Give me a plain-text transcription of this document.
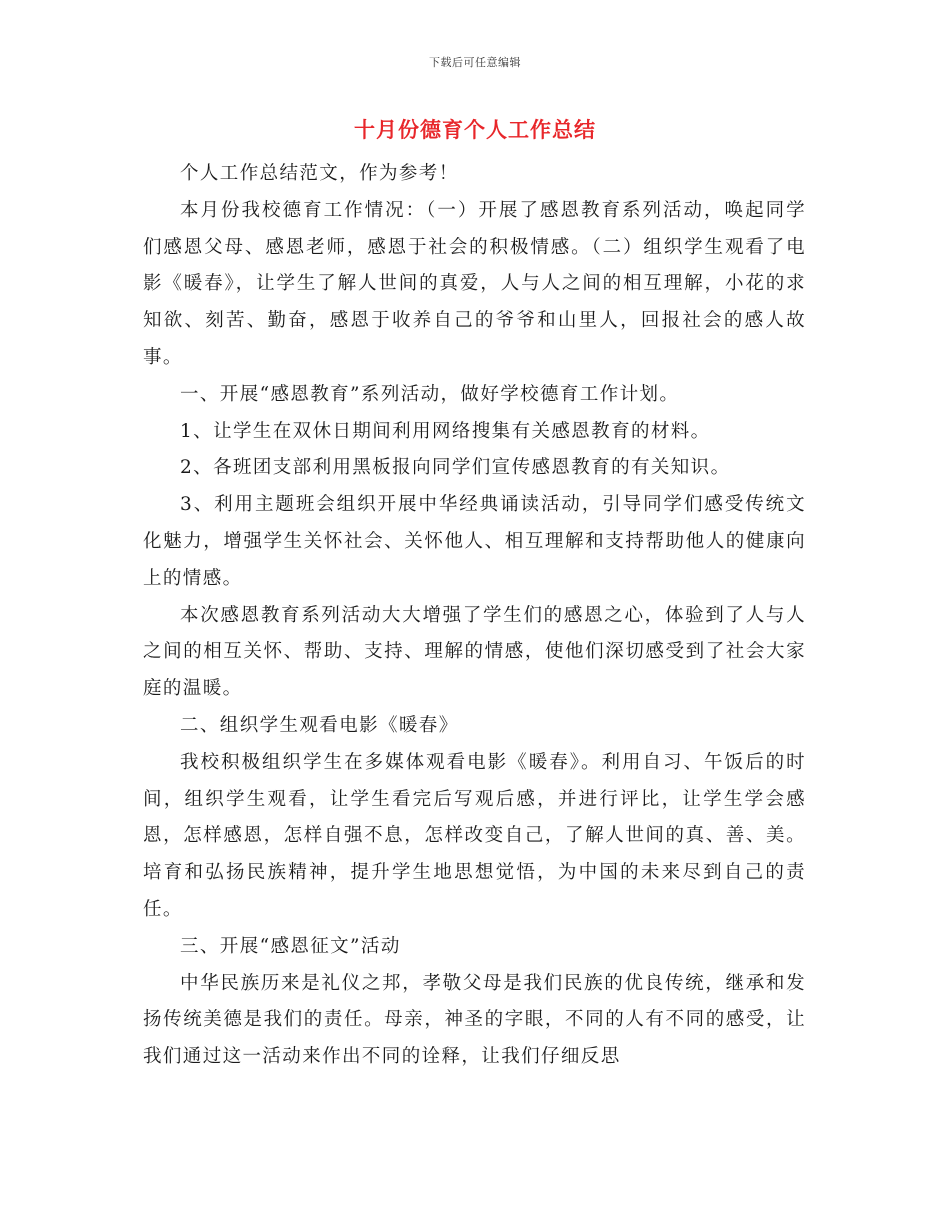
下载后可任意编辑
十月份德育个人工作总结

个人工作总结范文，作为参考！

本月份我校德育工作情况：（一）开展了感恩教育系列活动，唤起同学们感恩父母、感恩老师，感恩于社会的积极情感。（二）组织学生观看了电影《暖春》，让学生了解人世间的真爱，人与人之间的相互理解，小花的求知欲、刻苦、勤奋，感恩于收养自己的爷爷和山里人，回报社会的感人故事。

一、开展“感恩教育”系列活动，做好学校德育工作计划。

1、让学生在双休日期间利用网络搜集有关感恩教育的材料。

2、各班团支部利用黑板报向同学们宣传感恩教育的有关知识。

3、利用主题班会组织开展中华经典诵读活动，引导同学们感受传统文化魅力，增强学生关怀社会、关怀他人、相互理解和支持帮助他人的健康向上的情感。

本次感恩教育系列活动大大增强了学生们的感恩之心，体验到了人与人之间的相互关怀、帮助、支持、理解的情感，使他们深切感受到了社会大家庭的温暖。

二、组织学生观看电影《暖春》

我校积极组织学生在多媒体观看电影《暖春》。利用自习、午饭后的时间，组织学生观看，让学生看完后写观后感，并进行评比，让学生学会感恩，怎样感恩，怎样自强不息，怎样改变自己，了解人世间的真、善、美。培育和弘扬民族精神，提升学生地思想觉悟，为中国的未来尽到自己的责任。

三、开展“感恩征文”活动

中华民族历来是礼仪之邦，孝敬父母是我们民族的优良传统，继承和发扬传统美德是我们的责任。母亲，神圣的字眼，不同的人有不同的感受，让我们通过这一活动来作出不同的诠释，让我们仔细反思
